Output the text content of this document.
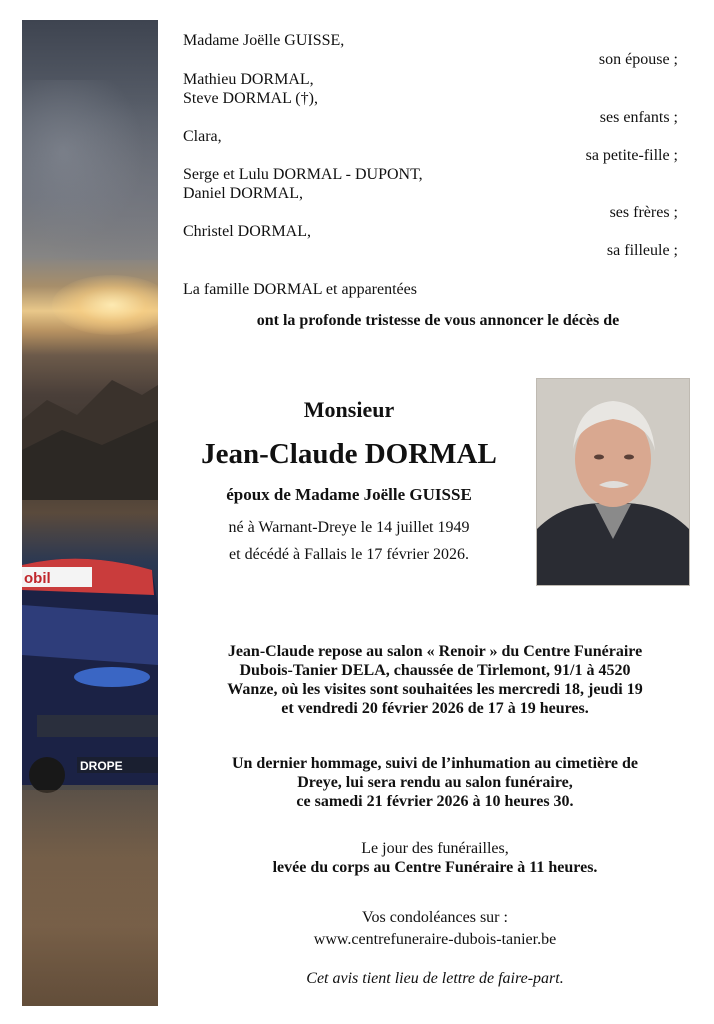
obil
DROPE
Madame Joëlle GUISSE,
son épouse ;
Mathieu DORMAL,
Steve DORMAL (†),
ses enfants ;
Clara,
sa petite-fille ;
Serge et Lulu DORMAL - DUPONT,
Daniel DORMAL,
ses frères ;
Christel DORMAL,
sa filleule ;
La famille DORMAL et apparentées
ont la profonde tristesse de vous annoncer le décès de
Monsieur
Jean-Claude DORMAL
époux de Madame Joëlle GUISSE
né à Warnant-Dreye le 14 juillet 1949
et décédé à Fallais le 17 février 2026.
Jean-Claude repose au salon « Renoir » du Centre Funéraire
Dubois-Tanier DELA, chaussée de Tirlemont, 91/1 à 4520
Wanze, où les visites sont souhaitées les mercredi 18, jeudi 19
et vendredi 20 février 2026 de 17 à 19 heures.
Un dernier hommage, suivi de l’inhumation au cimetière de
Dreye, lui sera rendu au salon funéraire,
ce samedi 21 février 2026 à 10 heures 30.
Le jour des funérailles,
levée du corps au Centre Funéraire à 11 heures.
Vos condoléances sur :
www.centrefuneraire-dubois-tanier.be
Cet avis tient lieu de lettre de faire-part.
